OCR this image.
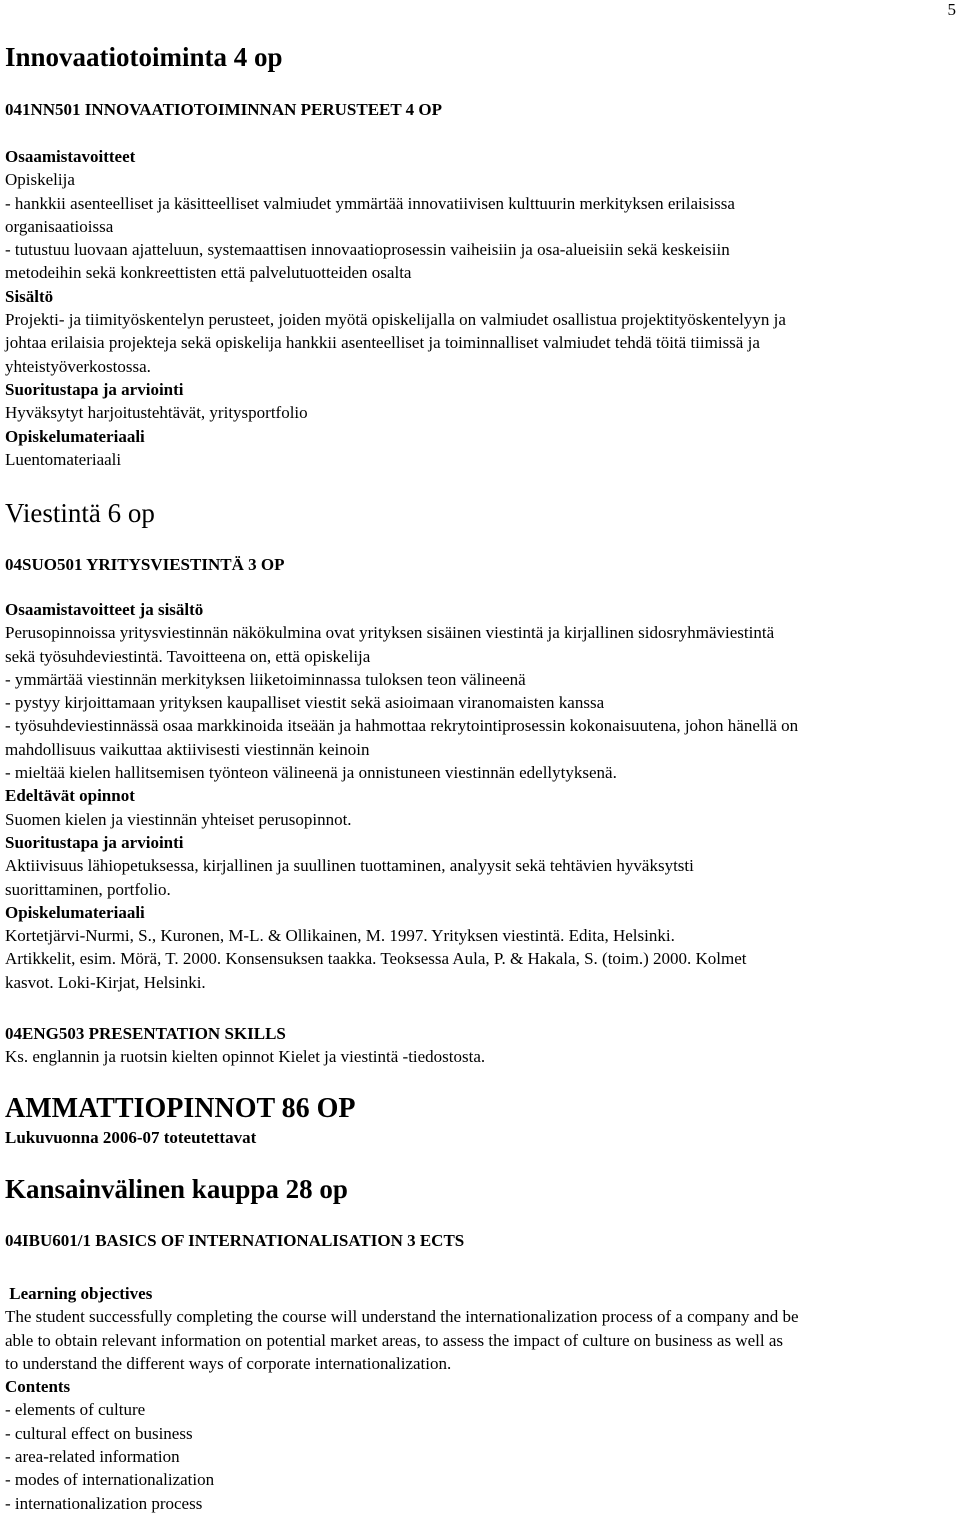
5
Innovaatiotoiminta 4 op
041NN501 INNOVAATIOTOIMINNAN PERUSTEET 4 OP
Osaamistavoitteet
Opiskelija
- hankkii asenteelliset ja käsitteelliset valmiudet ymmärtää innovatiivisen kulttuurin merkityksen erilaisissa
organisaatioissa
- tutustuu luovaan ajatteluun, systemaattisen innovaatioprosessin vaiheisiin ja osa-alueisiin sekä keskeisiin
metodeihin sekä konkreettisten että palvelutuotteiden osalta
Sisältö
Projekti- ja tiimityöskentelyn perusteet, joiden myötä opiskelijalla on valmiudet osallistua projektityöskentelyyn ja
johtaa erilaisia projekteja sekä opiskelija hankkii asenteelliset ja toiminnalliset valmiudet tehdä töitä tiimissä ja
yhteistyöverkostossa.
Suoritustapa ja arviointi
Hyväksytyt harjoitustehtävät, yritysportfolio
Opiskelumateriaali
Luentomateriaali
Viestintä 6 op
04SUO501 YRITYSVIESTINTÄ 3 OP
Osaamistavoitteet ja sisältö
Perusopinnoissa yritysviestinnän näkökulmina ovat yrityksen sisäinen viestintä ja kirjallinen sidosryhmäviestintä
sekä työsuhdeviestintä. Tavoitteena on, että opiskelija
- ymmärtää viestinnän merkityksen liiketoiminnassa tuloksen teon välineenä
- pystyy kirjoittamaan yrityksen kaupalliset viestit sekä asioimaan viranomaisten kanssa
- työsuhdeviestinnässä osaa markkinoida itseään ja hahmottaa rekrytointiprosessin kokonaisuutena, johon hänellä on
mahdollisuus vaikuttaa aktiivisesti viestinnän keinoin
- mieltää kielen hallitsemisen työnteon välineenä ja onnistuneen viestinnän edellytyksenä.
Edeltävät opinnot
Suomen kielen ja viestinnän yhteiset perusopinnot.
Suoritustapa ja arviointi
Aktiivisuus lähiopetuksessa, kirjallinen ja suullinen tuottaminen, analyysit sekä tehtävien hyväksytsti
suorittaminen, portfolio.
Opiskelumateriaali
Kortetjärvi-Nurmi, S., Kuronen, M-L. & Ollikainen, M. 1997. Yrityksen viestintä. Edita, Helsinki.
Artikkelit, esim. Mörä, T. 2000. Konsensuksen taakka. Teoksessa Aula, P. & Hakala, S. (toim.) 2000. Kolmet
kasvot. Loki-Kirjat, Helsinki.
04ENG503 PRESENTATION SKILLS
Ks. englannin ja ruotsin kielten opinnot Kielet ja viestintä -tiedostosta.
AMMATTIOPINNOT 86 OP
Lukuvuonna 2006-07 toteutettavat
Kansainvälinen kauppa 28 op
04IBU601/1 BASICS OF INTERNATIONALISATION 3 ECTS
Learning objectives
The student successfully completing the course will understand the internationalization process of a company and be
able to obtain relevant information on potential market areas, to assess the impact of culture on business as well as
to understand the different ways of corporate internationalization.
Contents
- elements of culture
- cultural effect on business
- area-related information
- modes of internationalization
- internationalization process
